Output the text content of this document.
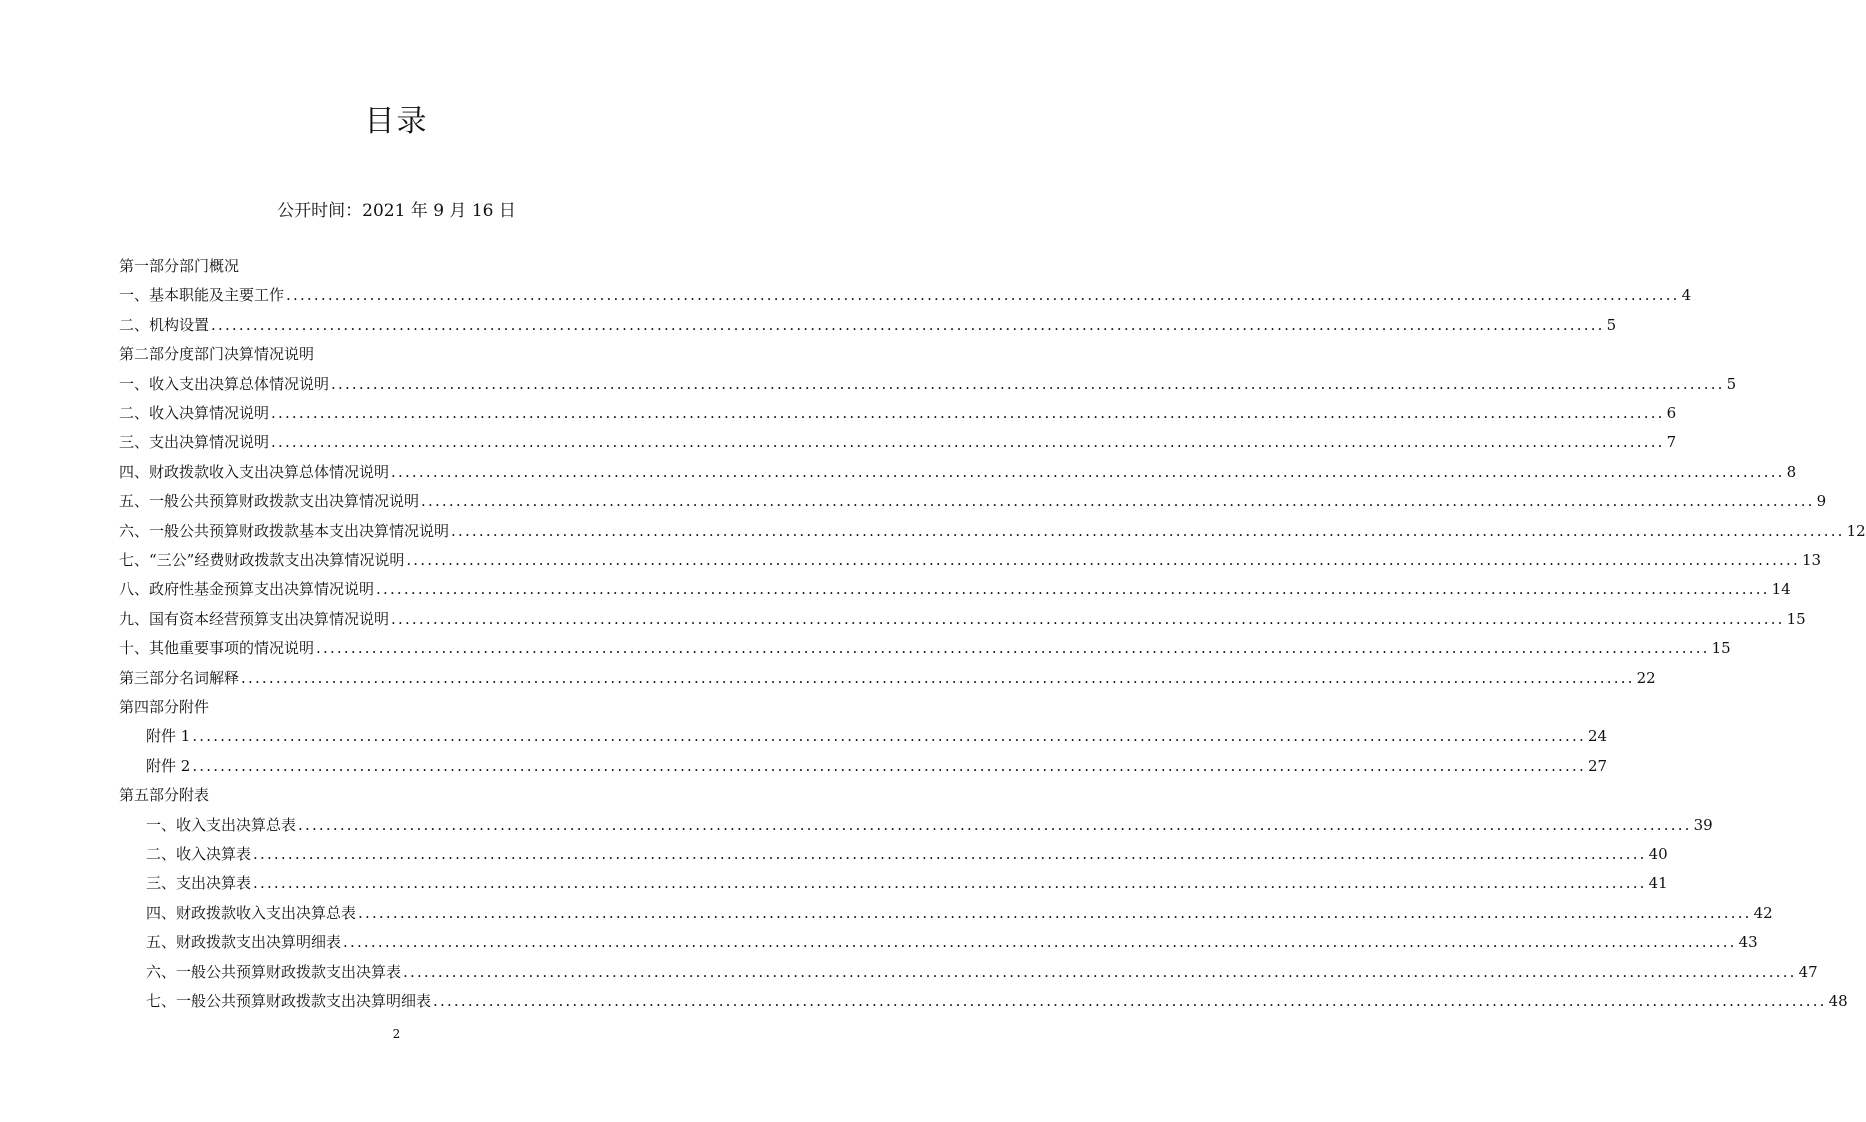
目录
公开时间：2021 年 9 月 16 日
第一部分部门概况
一、基本职能及主要工作 ........................................................................................................................................................................................................ 4
二、机构设置 ........................................................................................................................................................................................................ 5
第二部分度部门决算情况说明
一、收入支出决算总体情况说明 ........................................................................................................................................................................................................ 5
二、收入决算情况说明 ........................................................................................................................................................................................................ 6
三、支出决算情况说明 ........................................................................................................................................................................................................ 7
四、财政拨款收入支出决算总体情况说明 ........................................................................................................................................................................................................ 8
五、一般公共预算财政拨款支出决算情况说明 ........................................................................................................................................................................................................ 9
六、一般公共预算财政拨款基本支出决算情况说明 ........................................................................................................................................................................................................ 12
七、“三公”经费财政拨款支出决算情况说明 ........................................................................................................................................................................................................ 13
八、政府性基金预算支出决算情况说明 ........................................................................................................................................................................................................ 14
九、国有资本经营预算支出决算情况说明 ........................................................................................................................................................................................................ 15
十、其他重要事项的情况说明 ........................................................................................................................................................................................................ 15
第三部分名词解释 ........................................................................................................................................................................................................ 22
第四部分附件
附件 1 ........................................................................................................................................................................................................ 24
附件 2 ........................................................................................................................................................................................................ 27
第五部分附表
一、收入支出决算总表 ........................................................................................................................................................................................................ 39
二、收入决算表 ........................................................................................................................................................................................................ 40
三、支出决算表 ........................................................................................................................................................................................................ 41
四、财政拨款收入支出决算总表 ........................................................................................................................................................................................................ 42
五、财政拨款支出决算明细表 ........................................................................................................................................................................................................ 43
六、一般公共预算财政拨款支出决算表 ........................................................................................................................................................................................................ 47
七、一般公共预算财政拨款支出决算明细表 ........................................................................................................................................................................................................ 48
2
